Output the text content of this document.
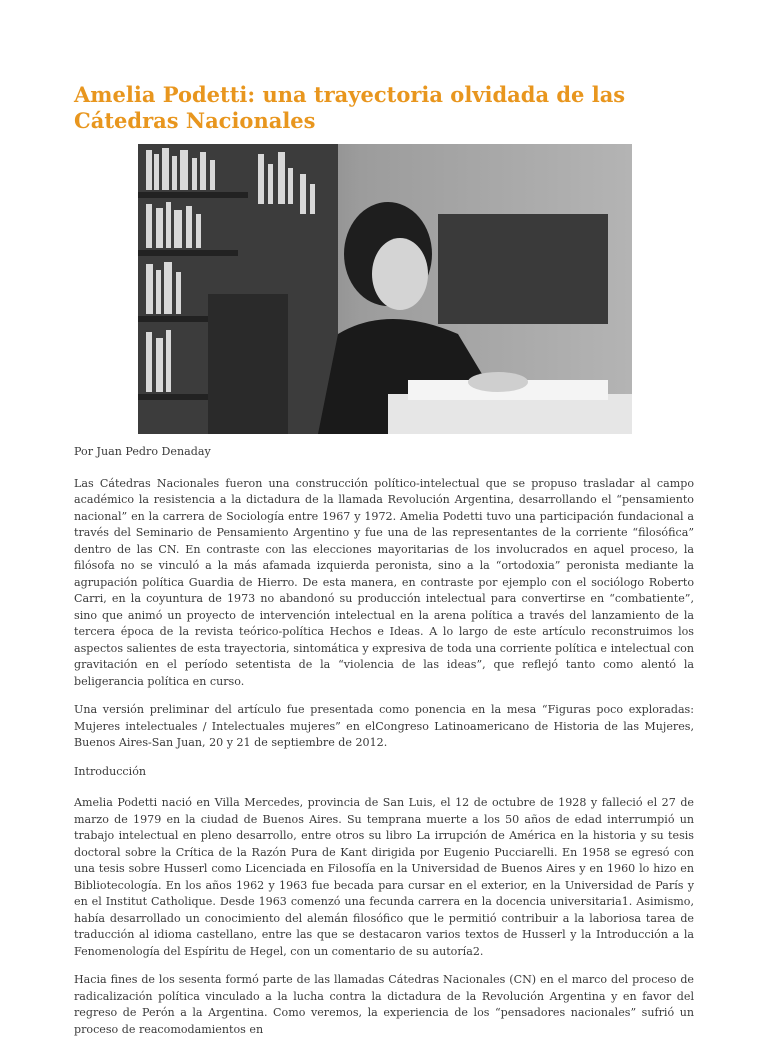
Amelia Podetti: una trayectoria olvidada de las Cátedras Nacionales

Por Juan Pedro Denaday

Las Cátedras Nacionales fueron una construcción político-intelectual que se propuso trasladar al campo académico la resistencia a la dictadura de la llamada Revolución Argentina, desarrollando el “pensamiento nacional” en la carrera de Sociología entre 1967 y 1972. Amelia Podetti tuvo una participación fundacional a través del Seminario de Pensamiento Argentino y fue una de las representantes de la corriente “filosófica” dentro de las CN. En contraste con las elecciones mayoritarias de los involucrados en aquel proceso, la filósofa no se vinculó a la más afamada izquierda peronista, sino a la “ortodoxia” peronista mediante la agrupación política Guardia de Hierro. De esta manera, en contraste por ejemplo con el sociólogo Roberto Carri, en la coyuntura de 1973 no abandonó su producción intelectual para convertirse en “combatiente”, sino que animó un proyecto de intervención intelectual en la arena política a través del lanzamiento de la tercera época de la revista teórico-política Hechos e Ideas. A lo largo de este artículo reconstruimos los aspectos salientes de esta trayectoria, sintomática y expresiva de toda una corriente política e intelectual con gravitación en el período setentista de la “violencia de las ideas”, que reflejó tanto como alentó la beligerancia política en curso.

Una versión preliminar del artículo fue presentada como ponencia en la mesa “Figuras poco exploradas: Mujeres intelectuales / Intelectuales mujeres” en elCongreso Latinoamericano de Historia de las Mujeres, Buenos Aires-San Juan, 20 y 21 de septiembre de 2012.

Introducción

Amelia Podetti nació en Villa Mercedes, provincia de San Luis, el 12 de octubre de 1928 y falleció el 27 de marzo de 1979 en la ciudad de Buenos Aires. Su temprana muerte a los 50 años de edad interrumpió un trabajo intelectual en pleno desarrollo, entre otros su libro La irrupción de América en la historia y su tesis doctoral sobre la Crítica de la Razón Pura de Kant dirigida por Eugenio Pucciarelli. En 1958 se egresó con una tesis sobre Husserl como Licenciada en Filosofía en la Universidad de Buenos Aires y en 1960 lo hizo en Bibliotecología. En los años 1962 y 1963 fue becada para cursar en el exterior, en la Universidad de París y en el Institut Catholique. Desde 1963 comenzó una fecunda carrera en la docencia universitaria1. Asimismo, había desarrollado un conocimiento del alemán filosófico que le permitió contribuir a la laboriosa tarea de traducción al idioma castellano, entre las que se destacaron varios textos de Husserl y la Introducción a la Fenomenología del Espíritu de Hegel, con un comentario de su autoría2.

Hacia fines de los sesenta formó parte de las llamadas Cátedras Nacionales (CN) en el marco del proceso de radicalización política vinculado a la lucha contra la dictadura de la Revolución Argentina y en favor del regreso de Perón a la Argentina. Como veremos, la experiencia de los “pensadores nacionales” sufrió un proceso de reacomodamientos en
